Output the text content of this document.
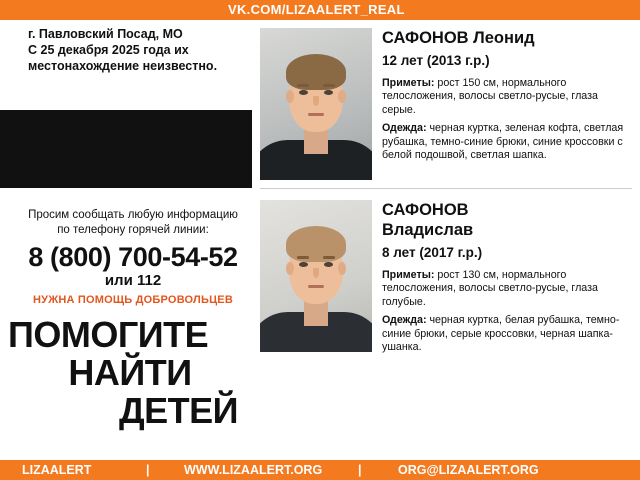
VK.COM/LIZAALERT_REAL
г. Павловский Посад, МО
С 25 декабря 2025 года их
местонахождение неизвестно.
Просим сообщать любую информацию
по телефону горячей линии:
8 (800) 700-54-52
или 112
НУЖНА ПОМОЩЬ ДОБРОВОЛЬЦЕВ
ПОМОГИТЕ
НАЙТИ
ДЕТЕЙ
САФОНОВ Леонид
12 лет (2013 г.р.)

Приметы: рост 150 см, нормального телосложения, волосы светло-русые, глаза серые.

Одежда: черная куртка, зеленая кофта, светлая рубашка, темно-синие брюки, синие кроссовки с белой подошвой, светлая шапка.

САФОНОВ
Владислав
8 лет (2017 г.р.)

Приметы: рост 130 см, нормального телосложения, волосы светло-русые, глаза голубые.

Одежда: черная куртка, белая рубашка, темно-синие брюки, серые кроссовки, черная шапка-ушанка.

LIZAALERT	|	WWW.LIZAALERT.ORG	|	ORG@LIZAALERT.ORG
